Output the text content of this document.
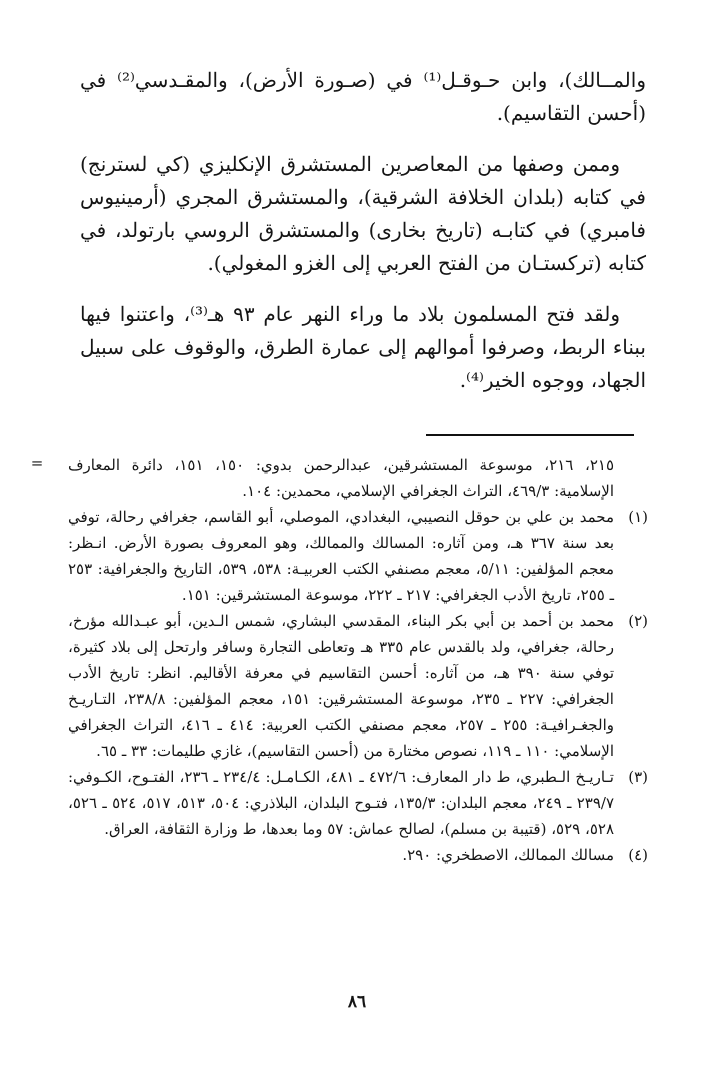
والمــالك)، وابن حـوقـل⁽¹⁾ في (صـورة الأرض)، والمقـدسي⁽²⁾ في (أحسن التقاسيم).

وممن وصفها من المعاصرين المستشرق الإنكليزي (كي لسترنج) في كتابه (بلدان الخلافة الشرقية)، والمستشرق المجري (أرمينيوس فامبري) في كتابـه (تاريخ بخارى) والمستشرق الروسي بارتولد، في كتابه (تركستـان من الفتح العربي إلى الغزو المغولي).

ولقد فتح المسلمون بلاد ما وراء النهر عام ٩٣ هـ⁽³⁾، واعتنوا فيها ببناء الربط، وصرفوا أموالهم إلى عمارة الطرق، والوقوف على سبيل الجهاد، ووجوه الخير⁽⁴⁾.

=	٢١٥، ٢١٦، موسوعة المستشرقين، عبدالرحمن بدوي: ١٥٠، ١٥١، دائرة المعارف الإسلامية: ٤٦٩/٣، التراث الجغرافي الإسلامي، محمدين: ١٠٤.

(١)
محمد بن علي بن حوقل النصيبي، البغدادي، الموصلي، أبو القاسم، جغرافي رحالة، توفي بعد سنة ٣٦٧ هـ، ومن آثاره: المسالك والممالك، وهو المعروف بصورة الأرض. انـظر: معجم المؤلفين: ٥/١١، معجم مصنفي الكتب العربيـة: ٥٣٨، ٥٣٩، التاريخ والجغرافية: ٢٥٣ ـ ٢٥٥، تاريخ الأدب الجغرافي: ٢١٧ ـ ٢٢٢، موسوعة المستشرقين: ١٥١.

(٢)
محمد بن أحمد بن أبي بكر البناء، المقدسي البشاري، شمس الـدين، أبو عبـدالله مؤرخ، رحالة، جغرافي، ولد بالقدس عام ٣٣٥ هـ وتعاطى التجارة وسافر وارتحل إلى بلاد كثيرة، توفي سنة ٣٩٠ هـ، من آثاره: أحسن التقاسيم في معرفة الأقاليم. انظر: تاريخ الأدب الجغرافي: ٢٢٧ ـ ٢٣٥، موسوعة المستشرقين: ١٥١، معجم المؤلفين: ٢٣٨/٨، التـاريـخ والجغـرافيـة: ٢٥٥ ـ ٢٥٧، معجم مصنفي الكتب العربية: ٤١٤ ـ ٤١٦، التراث الجغرافي الإسلامي: ١١٠ ـ ١١٩، نصوص مختارة من (أحسن التقاسيم)، غازي طليمات: ٣٣ ـ ٦٥.

(٣)
تـاريـخ الـطبري، ط دار المعارف: ٤٧٢/٦ ـ ٤٨١، الكـامـل: ٢٣٤/٤ ـ ٢٣٦، الفتـوح، الكـوفي: ٢٣٩/٧ ـ ٢٤٩، معجم البلدان: ١٣٥/٣، فتـوح البلدان، البلاذري: ٥٠٤، ٥١٣، ٥١٧، ٥٢٤ ـ ٥٢٦، ٥٢٨، ٥٢٩، (قتيبة بن مسلم)، لصالح عماش: ٥٧ وما بعدها، ط وزارة الثقافة، العراق.

(٤)
مسالك الممالك، الاصطخري: ٢٩٠.

٨٦
